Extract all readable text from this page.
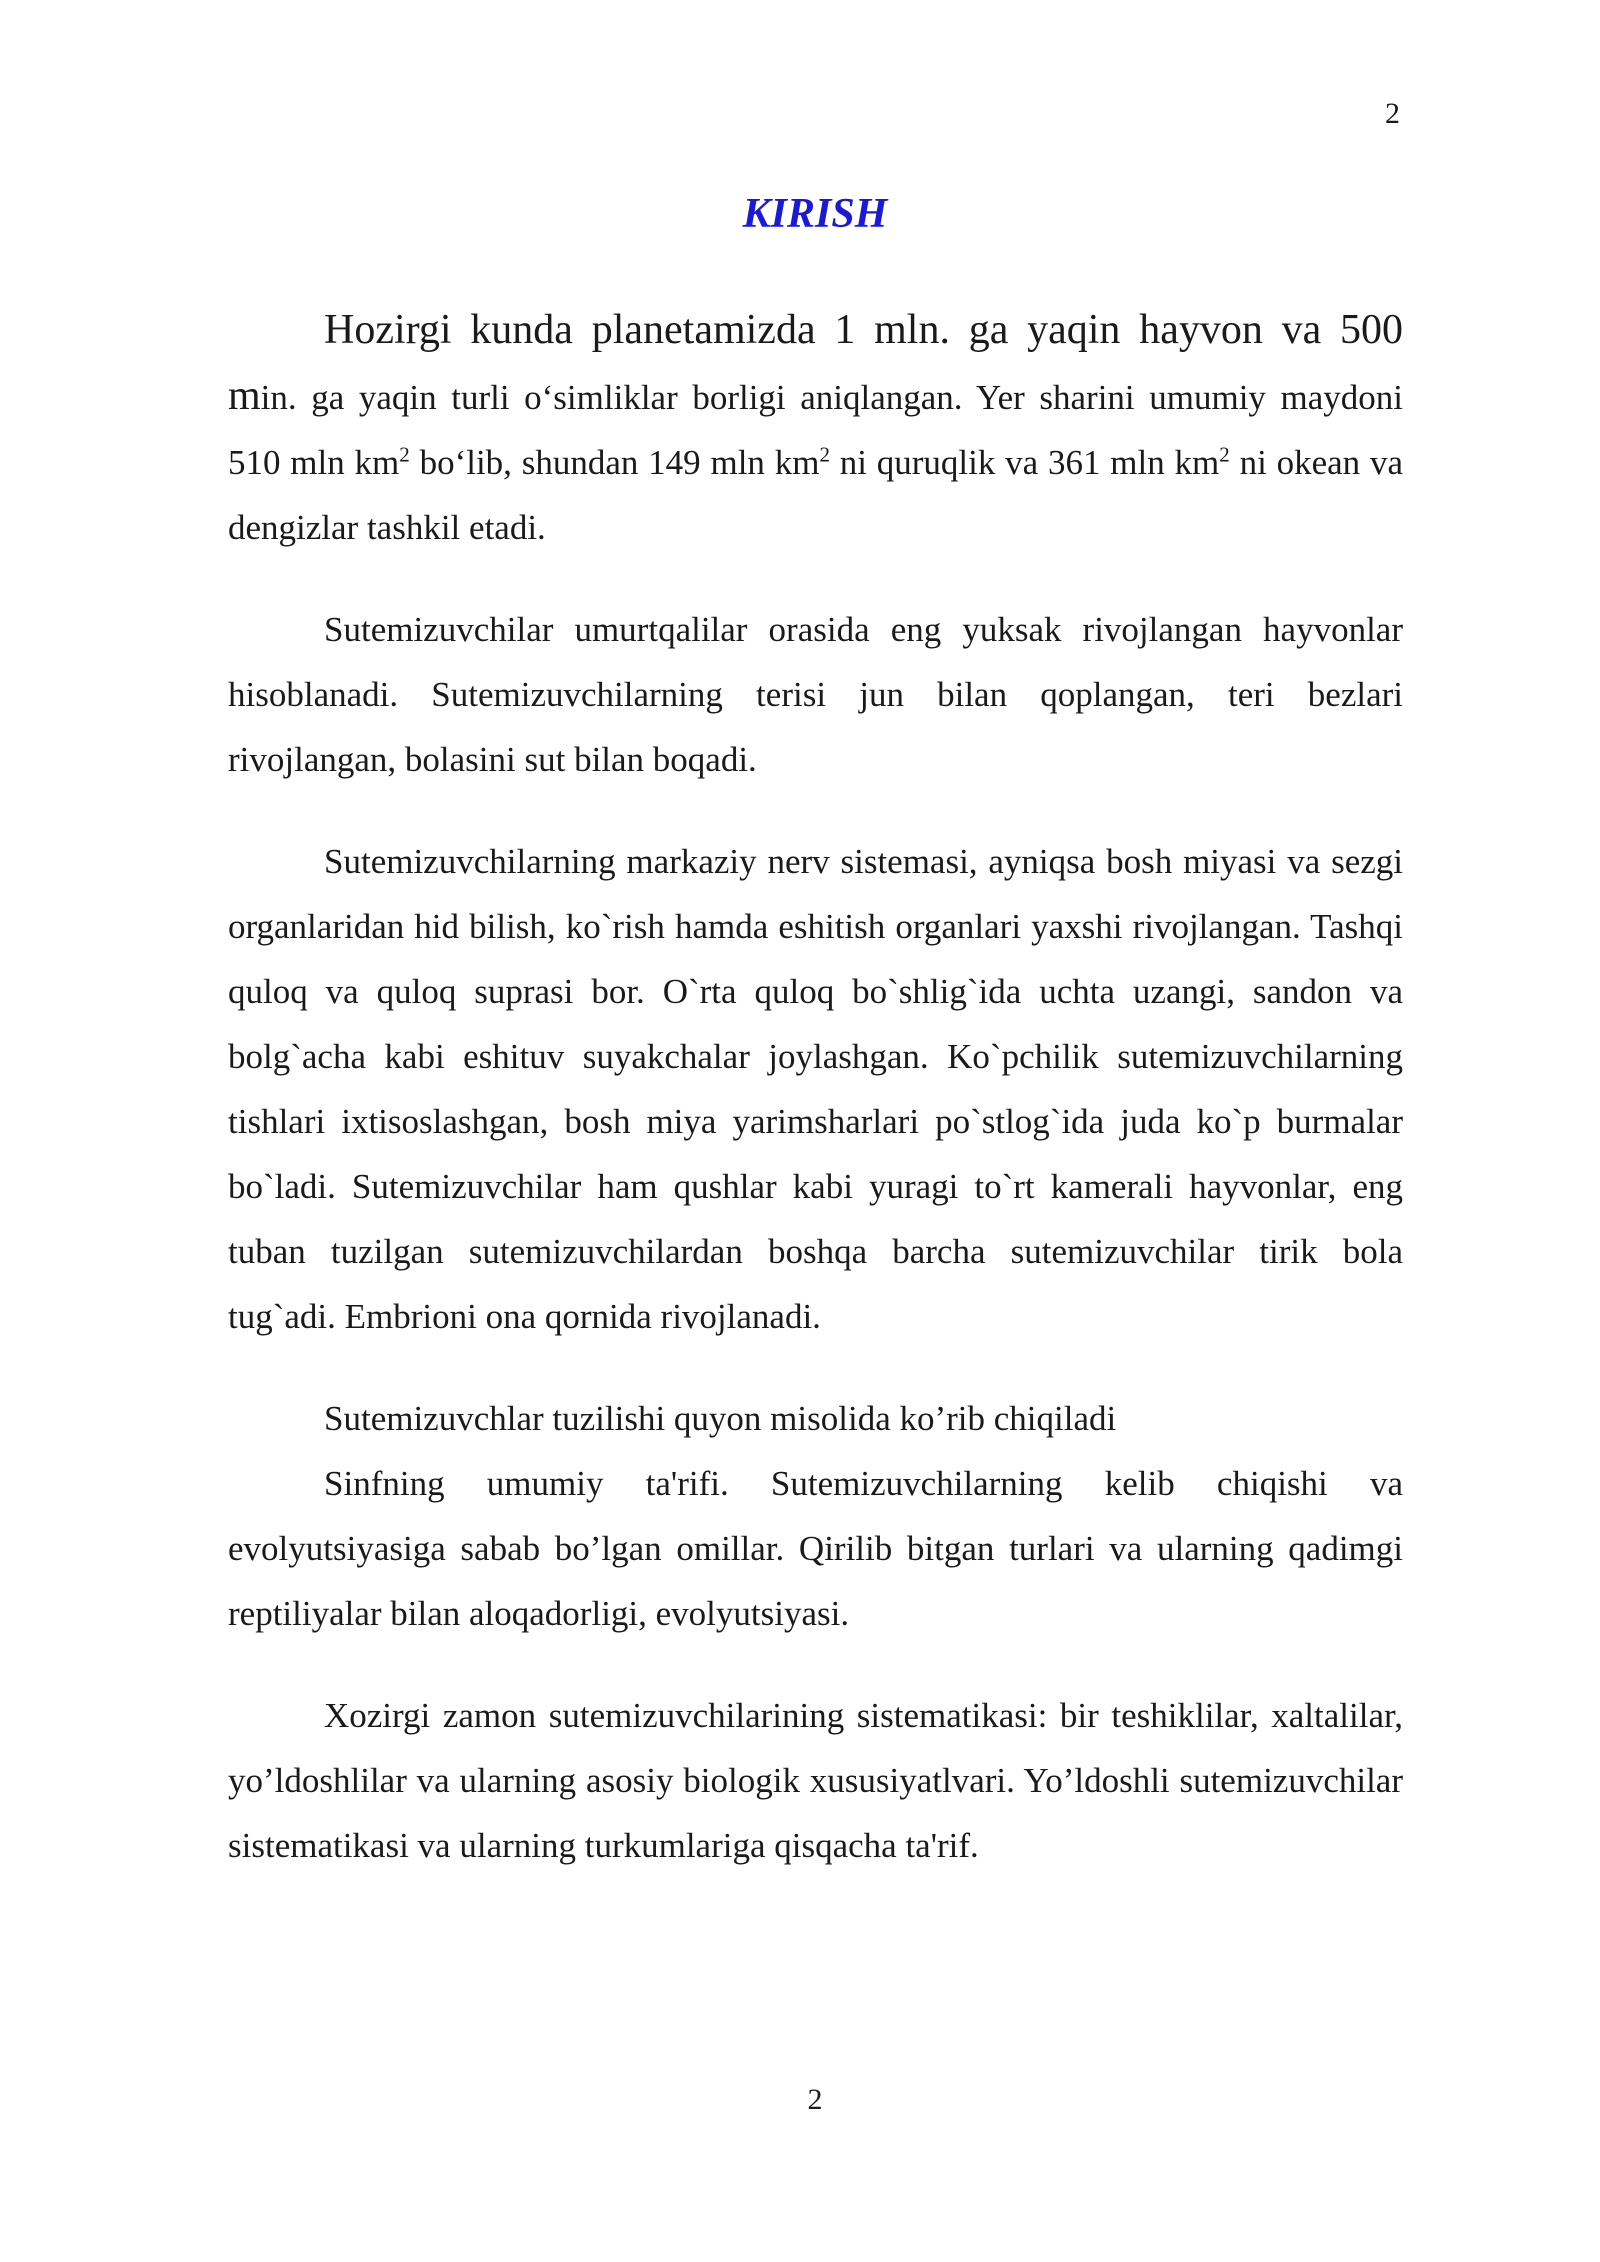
2
KIRISH

Hozirgi kunda planetamizda 1 mln. ga yaqin hayvon va 500 min. ga yaqin turli o‘simliklar borligi aniqlangan. Yer sharini umumiy maydoni 510 mln $km^2$ bo‘lib, shundan 149 mln $km^2$ ni quruqlik va 361 mln $km^2$ ni okean va dengizlar tashkil etadi.

Sutemizuvchilar umurtqalilar orasida eng yuksak rivojlangan hayvonlar hisoblanadi. Sutemizuvchilarning terisi jun bilan qoplangan, teri bezlari rivojlangan, bolasini sut bilan boqadi.

Sutemizuvchilarning markaziy nerv sistemasi, ayniqsa bosh miyasi va sezgi organlaridan hid bilish, ko`rish hamda eshitish organlari yaxshi rivojlangan. Tashqi quloq va quloq suprasi bor. O`rta quloq bo`shlig`ida uchta uzangi, sandon va bolg`acha kabi eshituv suyakchalar joylashgan. Ko`pchilik sutemizuvchilarning tishlari ixtisoslashgan, bosh miya yarimsharlari po`stlog`ida juda ko`p burmalar bo`ladi. Sutemizuvchilar ham qushlar kabi yuragi to`rt kamerali hayvonlar, eng tuban tuzilgan sutemizuvchilardan boshqa barcha sutemizuvchilar tirik bola tug`adi. Embrioni ona qornida rivojlanadi.

Sutemizuvchlar tuzilishi quyon misolida ko’rib chiqiladi

Sinfning umumiy ta'rifi. Sutemizuvchilarning kelib chiqishi va evolyutsiyasiga sabab bo’lgan omillar. Qirilib bitgan turlari va ularning qadimgi reptiliyalar bilan aloqadorligi, evolyutsiyasi.

Xozirgi zamon sutemizuvchilarining sistematikasi: bir teshiklilar, xaltalilar, yo’ldoshlilar va ularning asosiy biologik xususiyatlvari. Yo’ldoshli sutemizuvchilar sistematikasi va ularning turkumlariga qisqacha ta'rif.

2
